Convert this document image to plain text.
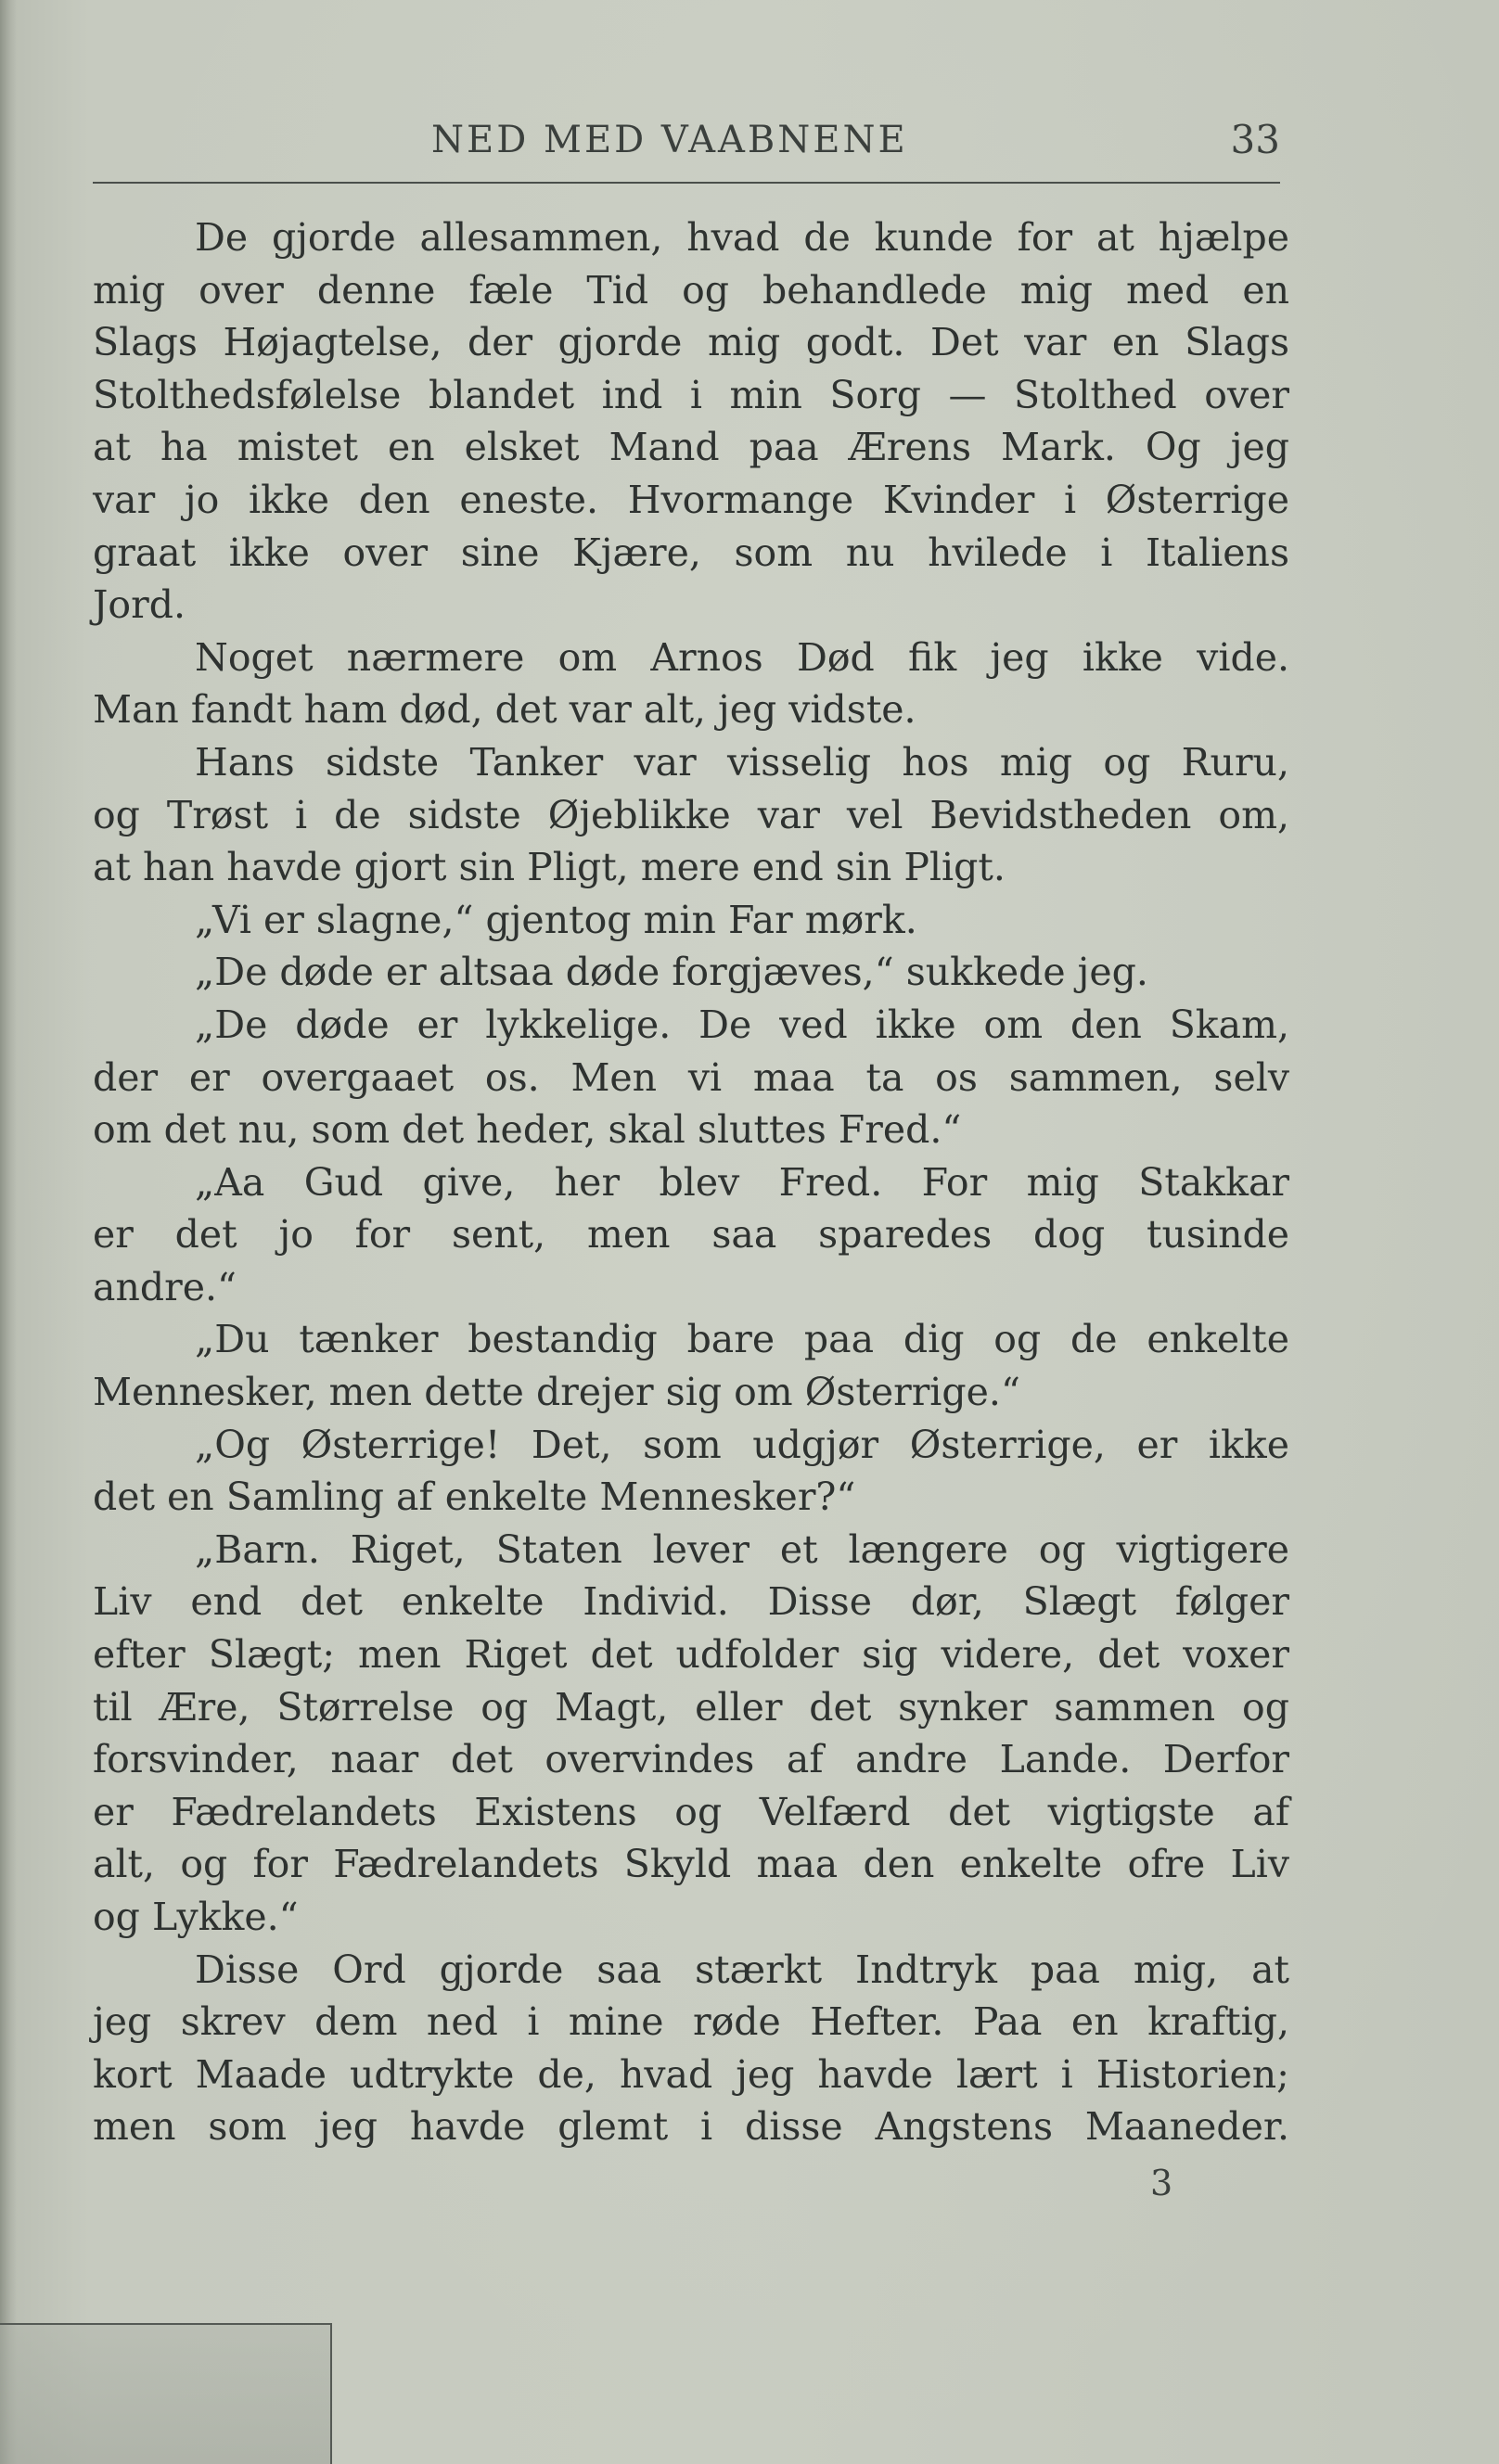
NED MED VAABNENE	33
De gjorde allesammen, hvad de kunde for at hjælpe
mig over denne fæle Tid og behandlede mig med en
Slags Højagtelse, der gjorde mig godt. Det var en Slags
Stolthedsfølelse blandet ind i min Sorg — Stolthed over
at ha mistet en elsket Mand paa Ærens Mark. Og jeg
var jo ikke den eneste. Hvormange Kvinder i Østerrige
graat ikke over sine Kjære, som nu hvilede i Italiens
Jord.
Noget nærmere om Arnos Død fik jeg ikke vide.
Man fandt ham død, det var alt, jeg vidste.
Hans sidste Tanker var visselig hos mig og Ruru,
og Trøst i de sidste Øjeblikke var vel Bevidstheden om,
at han havde gjort sin Pligt, mere end sin Pligt.
„Vi er slagne,“ gjentog min Far mørk.
„De døde er altsaa døde forgjæves,“ sukkede jeg.
„De døde er lykkelige. De ved ikke om den Skam,
der er overgaaet os. Men vi maa ta os sammen, selv
om det nu, som det heder, skal sluttes Fred.“
„Aa Gud give, her blev Fred. For mig Stakkar
er det jo for sent, men saa sparedes dog tusinde
andre.“
„Du tænker bestandig bare paa dig og de enkelte
Mennesker, men dette drejer sig om Østerrige.“
„Og Østerrige! Det, som udgjør Østerrige, er ikke
det en Samling af enkelte Mennesker?“
„Barn. Riget, Staten lever et længere og vigtigere
Liv end det enkelte Individ. Disse dør, Slægt følger
efter Slægt; men Riget det udfolder sig videre, det voxer
til Ære, Størrelse og Magt, eller det synker sammen og
forsvinder, naar det overvindes af andre Lande. Derfor
er Fædrelandets Existens og Velfærd det vigtigste af
alt, og for Fædrelandets Skyld maa den enkelte ofre Liv
og Lykke.“
Disse Ord gjorde saa stærkt Indtryk paa mig, at
jeg skrev dem ned i mine røde Hefter. Paa en kraftig,
kort Maade udtrykte de, hvad jeg havde lært i Historien;
men som jeg havde glemt i disse Angstens Maaneder.
3
